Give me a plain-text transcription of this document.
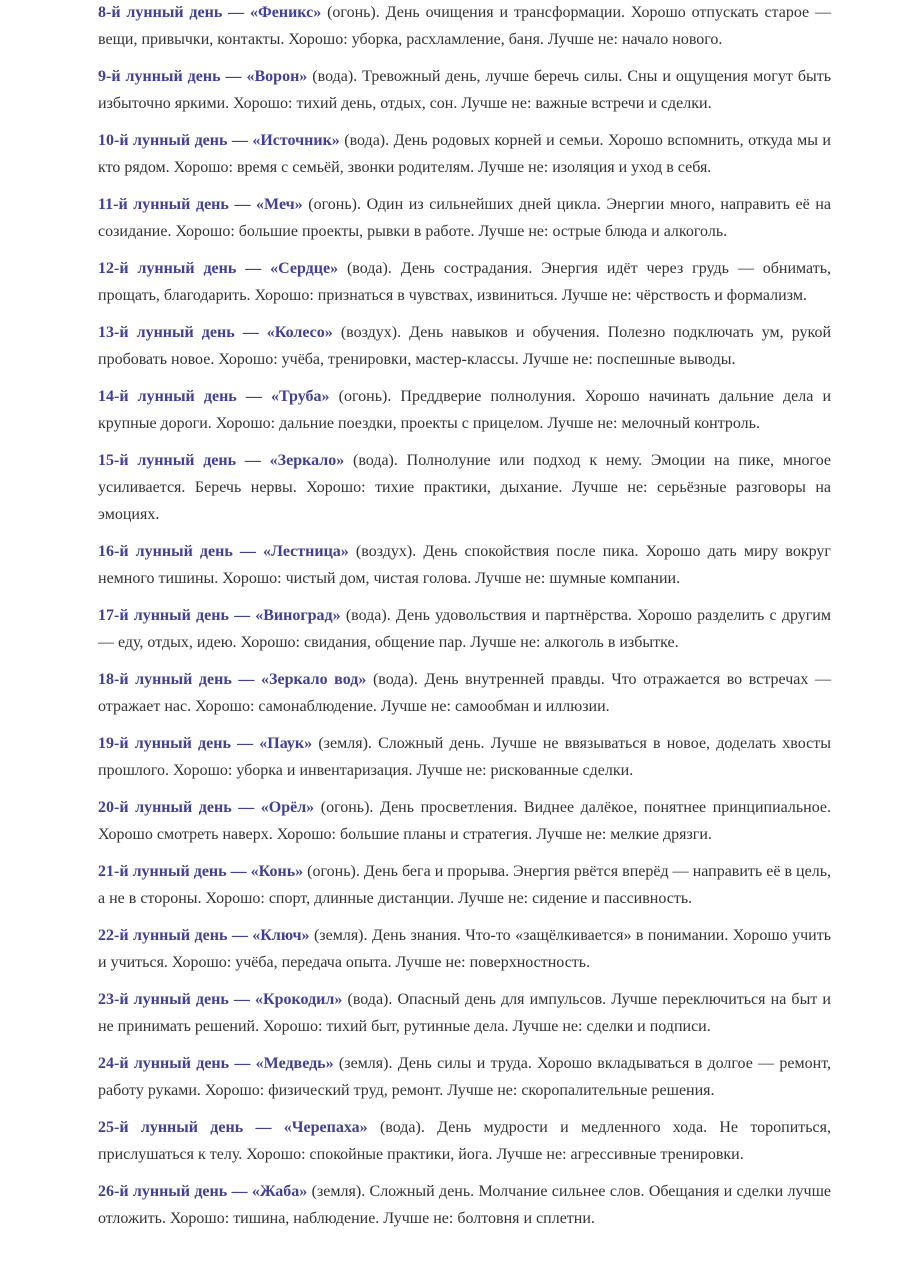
8-й лунный день — «Феникс» (огонь). День очищения и трансформации. Хорошо отпускать старое — вещи, привычки, контакты. Хорошо: уборка, расхламление, баня. Лучше не: начало нового.

9-й лунный день — «Ворон» (вода). Тревожный день, лучше беречь силы. Сны и ощущения могут быть избыточно яркими. Хорошо: тихий день, отдых, сон. Лучше не: важные встречи и сделки.

10-й лунный день — «Источник» (вода). День родовых корней и семьи. Хорошо вспомнить, откуда мы и кто рядом. Хорошо: время с семьёй, звонки родителям. Лучше не: изоляция и уход в себя.

11-й лунный день — «Меч» (огонь). Один из сильнейших дней цикла. Энергии много, направить её на созидание. Хорошо: большие проекты, рывки в работе. Лучше не: острые блюда и алкоголь.

12-й лунный день — «Сердце» (вода). День сострадания. Энергия идёт через грудь — обнимать, прощать, благодарить. Хорошо: признаться в чувствах, извиниться. Лучше не: чёрствость и формализм.

13-й лунный день — «Колесо» (воздух). День навыков и обучения. Полезно подключать ум, рукой пробовать новое. Хорошо: учёба, тренировки, мастер-классы. Лучше не: поспешные выводы.

14-й лунный день — «Труба» (огонь). Преддверие полнолуния. Хорошо начинать дальние дела и крупные дороги. Хорошо: дальние поездки, проекты с прицелом. Лучше не: мелочный контроль.

15-й лунный день — «Зеркало» (вода). Полнолуние или подход к нему. Эмоции на пике, многое усиливается. Беречь нервы. Хорошо: тихие практики, дыхание. Лучше не: серьёзные разговоры на эмоциях.

16-й лунный день — «Лестница» (воздух). День спокойствия после пика. Хорошо дать миру вокруг немного тишины. Хорошо: чистый дом, чистая голова. Лучше не: шумные компании.

17-й лунный день — «Виноград» (вода). День удовольствия и партнёрства. Хорошо разделить с другим — еду, отдых, идею. Хорошо: свидания, общение пар. Лучше не: алкоголь в избытке.

18-й лунный день — «Зеркало вод» (вода). День внутренней правды. Что отражается во встречах — отражает нас. Хорошо: самонаблюдение. Лучше не: самообман и иллюзии.

19-й лунный день — «Паук» (земля). Сложный день. Лучше не ввязываться в новое, доделать хвосты прошлого. Хорошо: уборка и инвентаризация. Лучше не: рискованные сделки.

20-й лунный день — «Орёл» (огонь). День просветления. Виднее далёкое, понятнее принципиальное. Хорошо смотреть наверх. Хорошо: большие планы и стратегия. Лучше не: мелкие дрязги.

21-й лунный день — «Конь» (огонь). День бега и прорыва. Энергия рвётся вперёд — направить её в цель, а не в стороны. Хорошо: спорт, длинные дистанции. Лучше не: сидение и пассивность.

22-й лунный день — «Ключ» (земля). День знания. Что-то «защёлкивается» в понимании. Хорошо учить и учиться. Хорошо: учёба, передача опыта. Лучше не: поверхностность.

23-й лунный день — «Крокодил» (вода). Опасный день для импульсов. Лучше переключиться на быт и не принимать решений. Хорошо: тихий быт, рутинные дела. Лучше не: сделки и подписи.

24-й лунный день — «Медведь» (земля). День силы и труда. Хорошо вкладываться в долгое — ремонт, работу руками. Хорошо: физический труд, ремонт. Лучше не: скоропалительные решения.

25-й лунный день — «Черепаха» (вода). День мудрости и медленного хода. Не торопиться, прислушаться к телу. Хорошо: спокойные практики, йога. Лучше не: агрессивные тренировки.

26-й лунный день — «Жаба» (земля). Сложный день. Молчание сильнее слов. Обещания и сделки лучше отложить. Хорошо: тишина, наблюдение. Лучше не: болтовня и сплетни.
